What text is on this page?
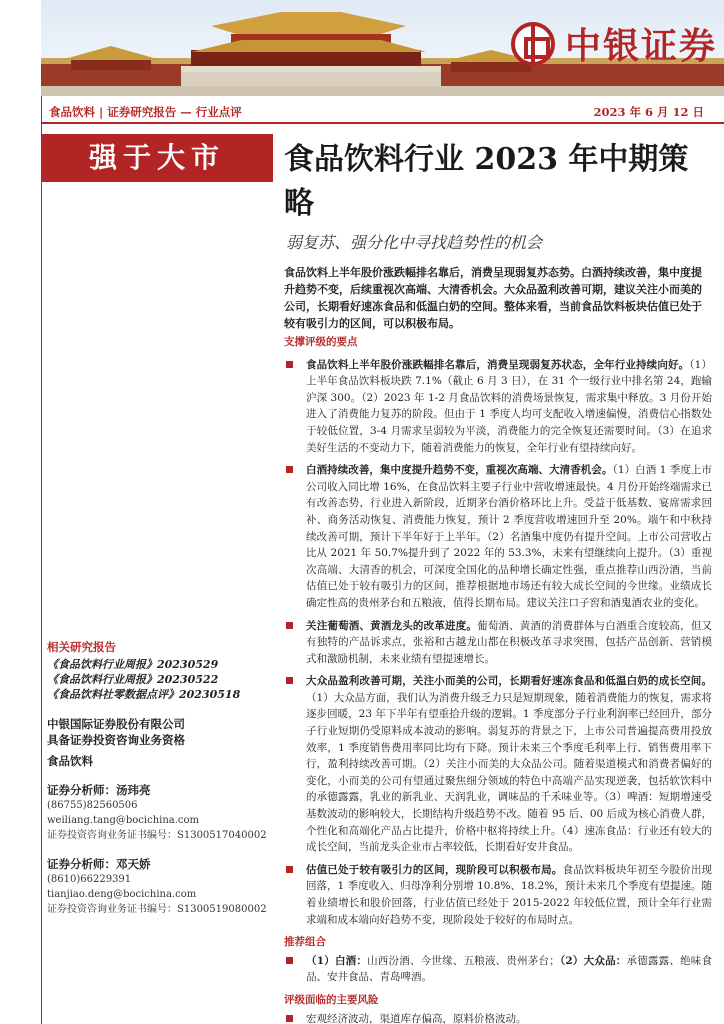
中银证券
食品饮料 | 证券研究报告 — 行业点评	2023 年 6 月 12 日
强于大市	食品饮料行业 2023 年中期策略
弱复苏、强分化中寻找趋势性的机会
相关研究报告
《食品饮料行业周报》20230529
《食品饮料行业周报》20230522
《食品饮料社零数据点评》20230518
中银国际证券股份有限公司
具备证券投资咨询业务资格
食品饮料
证券分析师：汤玮亮
(86755)82560506
weiliang.tang@bocichina.com
证券投资咨询业务证书编号：S1300517040002
证券分析师：邓天娇
(8610)66229391
tianjiao.deng@bocichina.com
证券投资咨询业务证书编号：S1300519080002
食品饮料上半年股价涨跌幅排名靠后，消费呈现弱复苏态势。白酒持续改善，集中度提升趋势不变，后续重视次高端、大清香机会。大众品盈利改善可期，建议关注小而美的公司，长期看好速冻食品和低温白奶的空间。整体来看，当前食品饮料板块估值已处于较有吸引力的区间，可以积极布局。
支撑评级的要点
食品饮料上半年股价涨跌幅排名靠后，消费呈现弱复苏状态，全年行业持续向好。（1）上半年食品饮料板块跌 7.1%（截止 6 月 3 日），在 31 个一级行业中排名第 24，跑输沪深 300。（2）2023 年 1-2 月食品饮料的消费场景恢复，需求集中释放。3 月份开始进入了消费能力复苏的阶段。但由于 1 季度人均可支配收入增速偏慢，消费信心指数处于较低位置，3-4 月需求呈弱较为平淡，消费能力的完全恢复还需要时间。（3）在追求美好生活的不变动力下，随着消费能力的恢复，全年行业有望持续向好。
白酒持续改善，集中度提升趋势不变，重视次高端、大清香机会。（1）白酒 1 季度上市公司收入同比增 16%，在食品饮料主要子行业中营收增速最快。4 月份开始终端需求已有改善态势，行业进入新阶段，近期茅台酒价格环比上升。受益于低基数、宴席需求回补、商务活动恢复、消费能力恢复，预计 2 季度营收增速回升至 20%。端午和中秋持续改善可期，预计下半年好于上半年。（2）名酒集中度仍有提升空间。上市公司营收占比从 2021 年 50.7%提升到了 2022 年的 53.3%，未来有望继续向上提升。（3）重视次高端、大清香的机会，可深度全国化的品种增长确定性强，重点推荐山西汾酒，当前估值已处于较有吸引力的区间，推荐根据地市场还有较大成长空间的今世缘。业绩成长确定性高的贵州茅台和五粮液，值得长期布局。建议关注口子窖和酒鬼酒农业的变化。
关注葡萄酒、黄酒龙头的改革进度。葡萄酒、黄酒的消费群体与白酒重合度较高，但又有独特的产品诉求点，张裕和古越龙山都在积极改革寻求突围，包括产品创新、营销模式和激励机制，未来业绩有望提速增长。
大众品盈利改善可期，关注小而美的公司，长期看好速冻食品和低温白奶的成长空间。（1）大众品方面，我们认为消费升级乏力只是短期现象，随着消费能力的恢复，需求将逐步回暖，23 年下半年有望重拾升级的逻辑。1 季度部分子行业利润率已经回升，部分子行业短期仍受原料成本波动的影响。弱复苏的背景之下，上市公司普遍提高费用投放效率，1 季度销售费用率同比均有下降。预计未来三个季度毛利率上行、销售费用率下行，盈利持续改善可期。（2）关注小而美的大众品公司。随着渠道模式和消费者偏好的变化，小而美的公司有望通过聚焦细分领域的特色中高端产品实现逆袭，包括软饮料中的承德露露，乳业的新乳业、天润乳业，调味品的千禾味业等。（3）啤酒：短期增速受基数波动的影响较大，长期结构升级趋势不改。随着 95 后、00 后成为核心消费人群，个性化和高端化产品占比提升，价格中枢将持续上升。（4）速冻食品：行业还有较大的成长空间，当前龙头企业市占率较低，长期看好安井食品。
估值已处于较有吸引力的区间，现阶段可以积极布局。食品饮料板块年初至今股价出现回落，1 季度收入、归母净利分别增 10.8%、18.2%，预计未来几个季度有望提速。随着业绩增长和股价回落，行业估值已经处于 2015-2022 年较低位置，预计全年行业需求端和成本端向好趋势不变，现阶段处于较好的布局时点。
推荐组合
（1）白酒：山西汾酒、今世缘、五粮液、贵州茅台；（2）大众品：承德露露、绝味食品、安井食品、青岛啤酒。
评级面临的主要风险
宏观经济波动，渠道库存偏高，原料价格波动。
